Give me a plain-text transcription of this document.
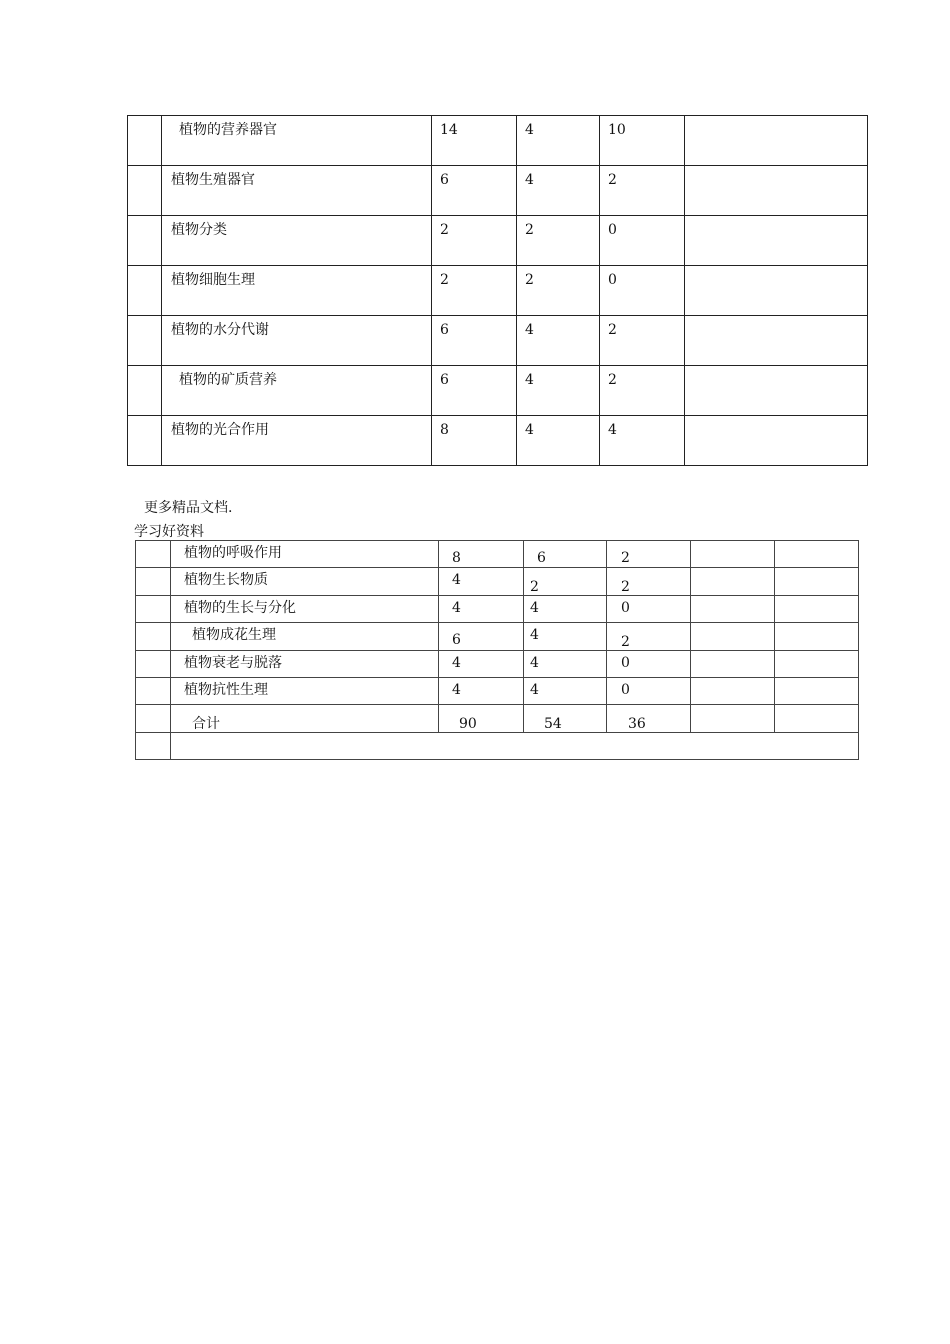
	植物的营养器官	14	4	10	

	植物生殖器官	6	4	2	

	植物分类	2	2	0	

	植物细胞生理	2	2	0	

	植物的水分代谢	6	4	2	

	植物的矿质营养	6	4	2	

	植物的光合作用	8	4	4	

更多精品文档.
学习好资料

	植物的呼吸作用	8	6	2		

	植物生长物质	4	2	2		

	植物的生长与分化	4	4	0		

	植物成花生理	6	4	2		

	植物衰老与脱落	4	4	0		

	植物抗性生理	4	4	0		

	合计	90	54	36		
